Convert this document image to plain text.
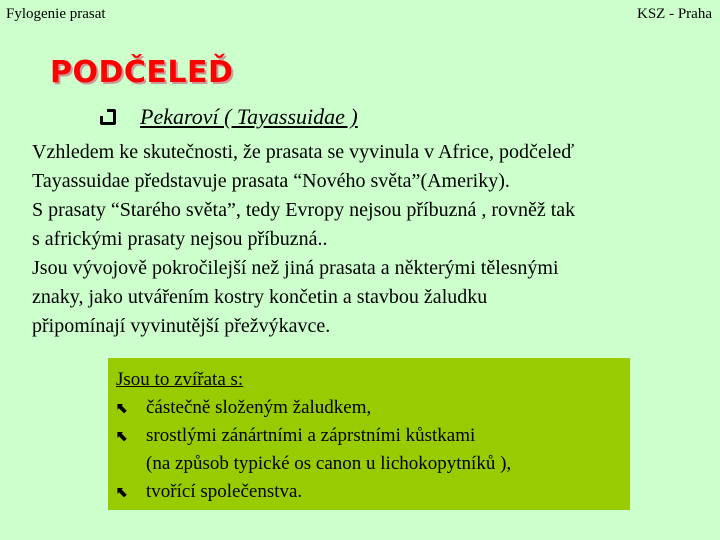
Fylogenie prasat	KSZ - Praha
PODČELEĎ
Pekaroví ( Tayassuidae )

Vzhledem ke skutečnosti, že prasata se vyvinula v Africe, podčeleď

Tayassuidae představuje prasata “Nového světa”(Ameriky).

S prasaty “Starého světa”, tedy Evropy nejsou příbuzná , rovněž tak

s africkými prasaty nejsou příbuzná..

Jsou vývojově pokročilejší než jiná prasata a některými tělesnými

znaky, jako utvářením kostry končetin a stavbou žaludku

připomínají vyvinutější přežvýkavce.

Jsou to zvířata s:
⬉ částečně složeným žaludkem,
⬉ srostlými zánártními a záprstními kůstkami
(na způsob typické os canon u lichokopytníků ),
⬉ tvořící společenstva.
